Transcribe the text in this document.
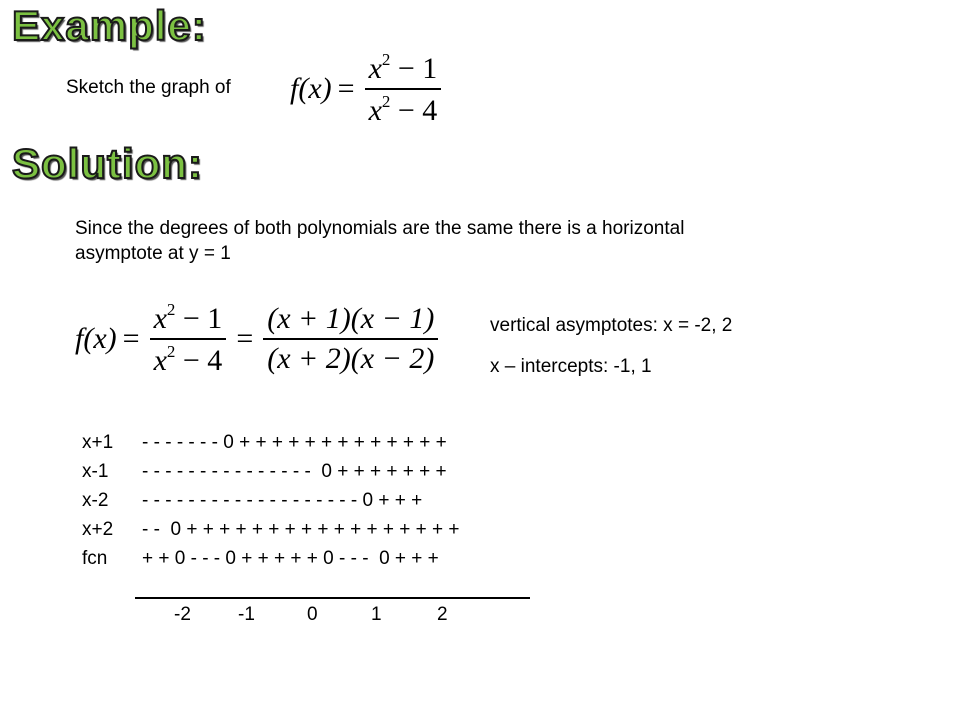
Example:
Sketch the graph of $f(x) = \frac{x^2 - 1}{x^2 - 4}$
Solution:
Since the degrees of both polynomials are the same there is a horizontal
asymptote at y = 1
$f(x) = \frac{x^2 - 1}{x^2 - 4} = \frac{(x + 1)(x - 1)}{(x + 2)(x - 2)}$	vertical asymptotes: x = -2, 2
x – intercepts: -1, 1
x+1	- - - - - - - 0 + + + + + + + + + + + + +
x-1	- - - - - - - - - - - - - - -  0 + + + + + + +
x-2	- - - - - - - - - - - - - - - - - - - 0 + + +
x+2	- -  0 + + + + + + + + + + + + + + + + +
fcn	+ + 0 - - - 0 + + + + + 0 - - -  0 + + +
-2 -1	0	1	2
